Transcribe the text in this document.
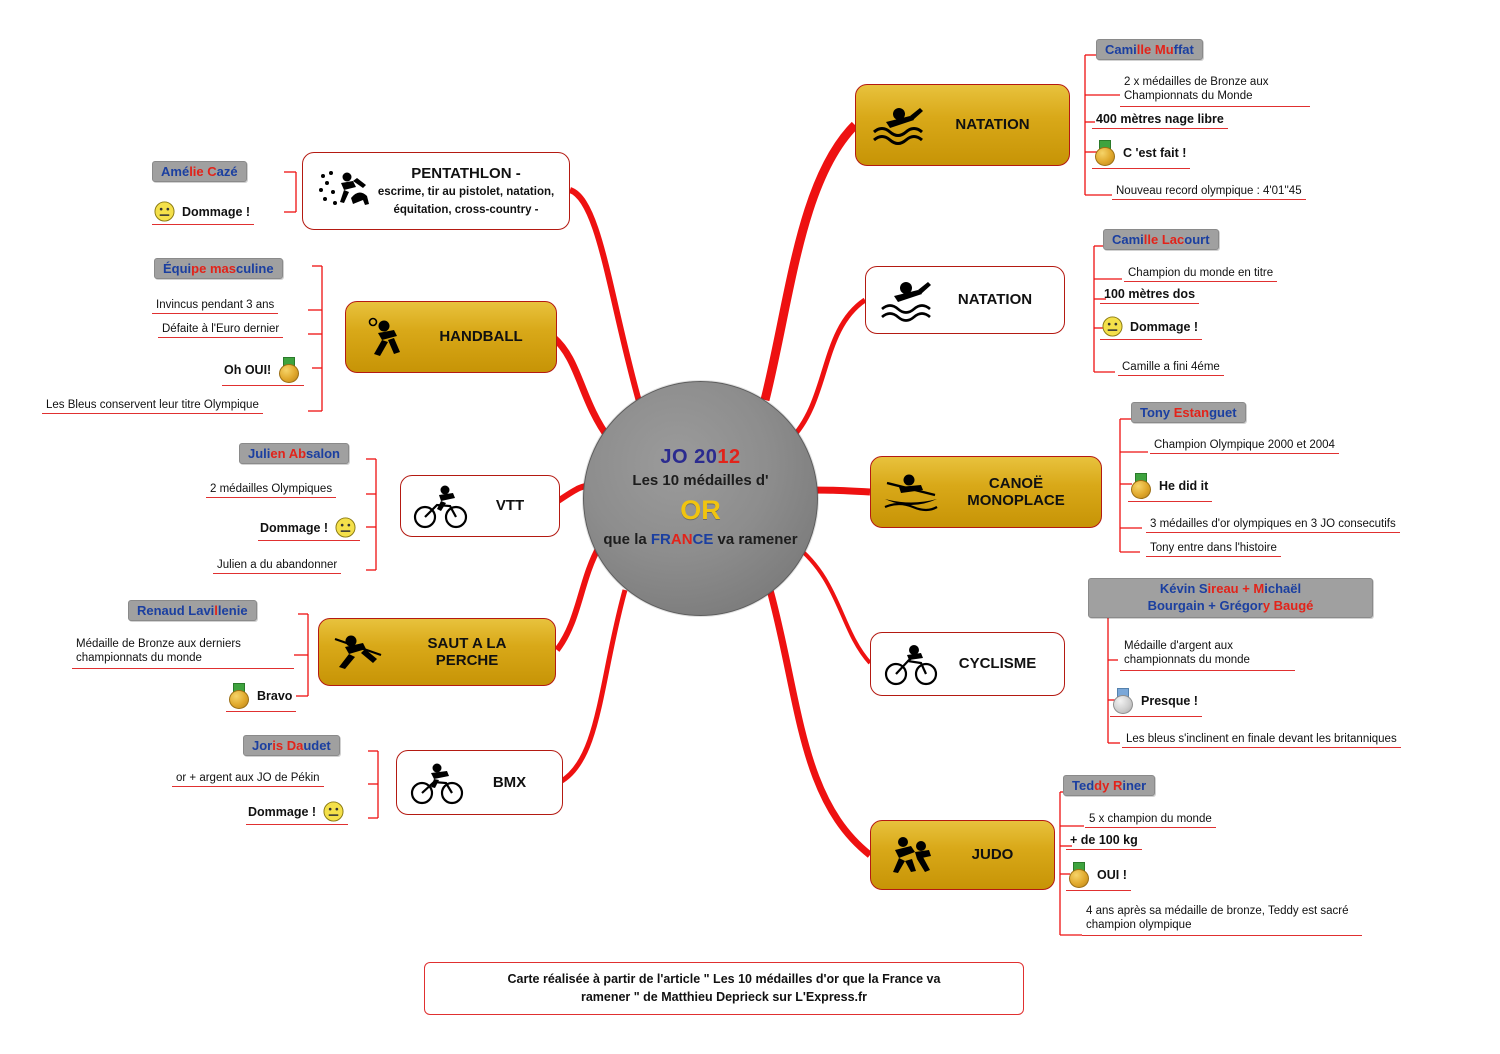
JO 2012
Les 10 médailles d'
OR
que la FRANCE va ramener
NATATION
Camille Muffat
2 x médailles de Bronze aux Championnats du Monde
400 mètres nage libre
C 'est fait !
Nouveau record olympique : 4'01''45
NATATION
Camille Lacourt
Champion du monde en titre
100 mètres dos
Dommage !
Camille a fini 4éme
CANOË
MONOPLACE
Tony Estanguet
Champion Olympique 2000 et 2004
He did it
3 médailles d'or olympiques en 3 JO consecutifs
Tony entre dans l'histoire
CYCLISME
Kévin Sireau + Michaël
Bourgain + Grégory Baugé
Médaille d'argent aux championnats du monde
Presque !
Les bleus s'inclinent en finale devant les britanniques
JUDO
Teddy Riner
5 x champion du monde
+ de 100 kg
OUI !
4 ans après sa médaille de bronze, Teddy est sacré champion olympique
PENTATHLON -
escrime, tir au pistolet, natation, équitation, cross-country -
Amélie Cazé
Dommage !
HANDBALL
Équipe masculine
Invincus pendant 3 ans
Défaite à l'Euro dernier
Oh OUI!
Les Bleus conservent leur titre Olympique
VTT
Julien Absalon
2 médailles Olympiques
Dommage !
Julien a du abandonner
SAUT A LA
PERCHE
Renaud Lavillenie
Médaille de Bronze aux derniers championnats du monde
Bravo
BMX
Joris Daudet
or + argent aux JO de Pékin
Dommage !
Carte réalisée à partir de l'article " Les 10 médailles d'or que la France va
ramener " de Matthieu Deprieck sur L'Express.fr
